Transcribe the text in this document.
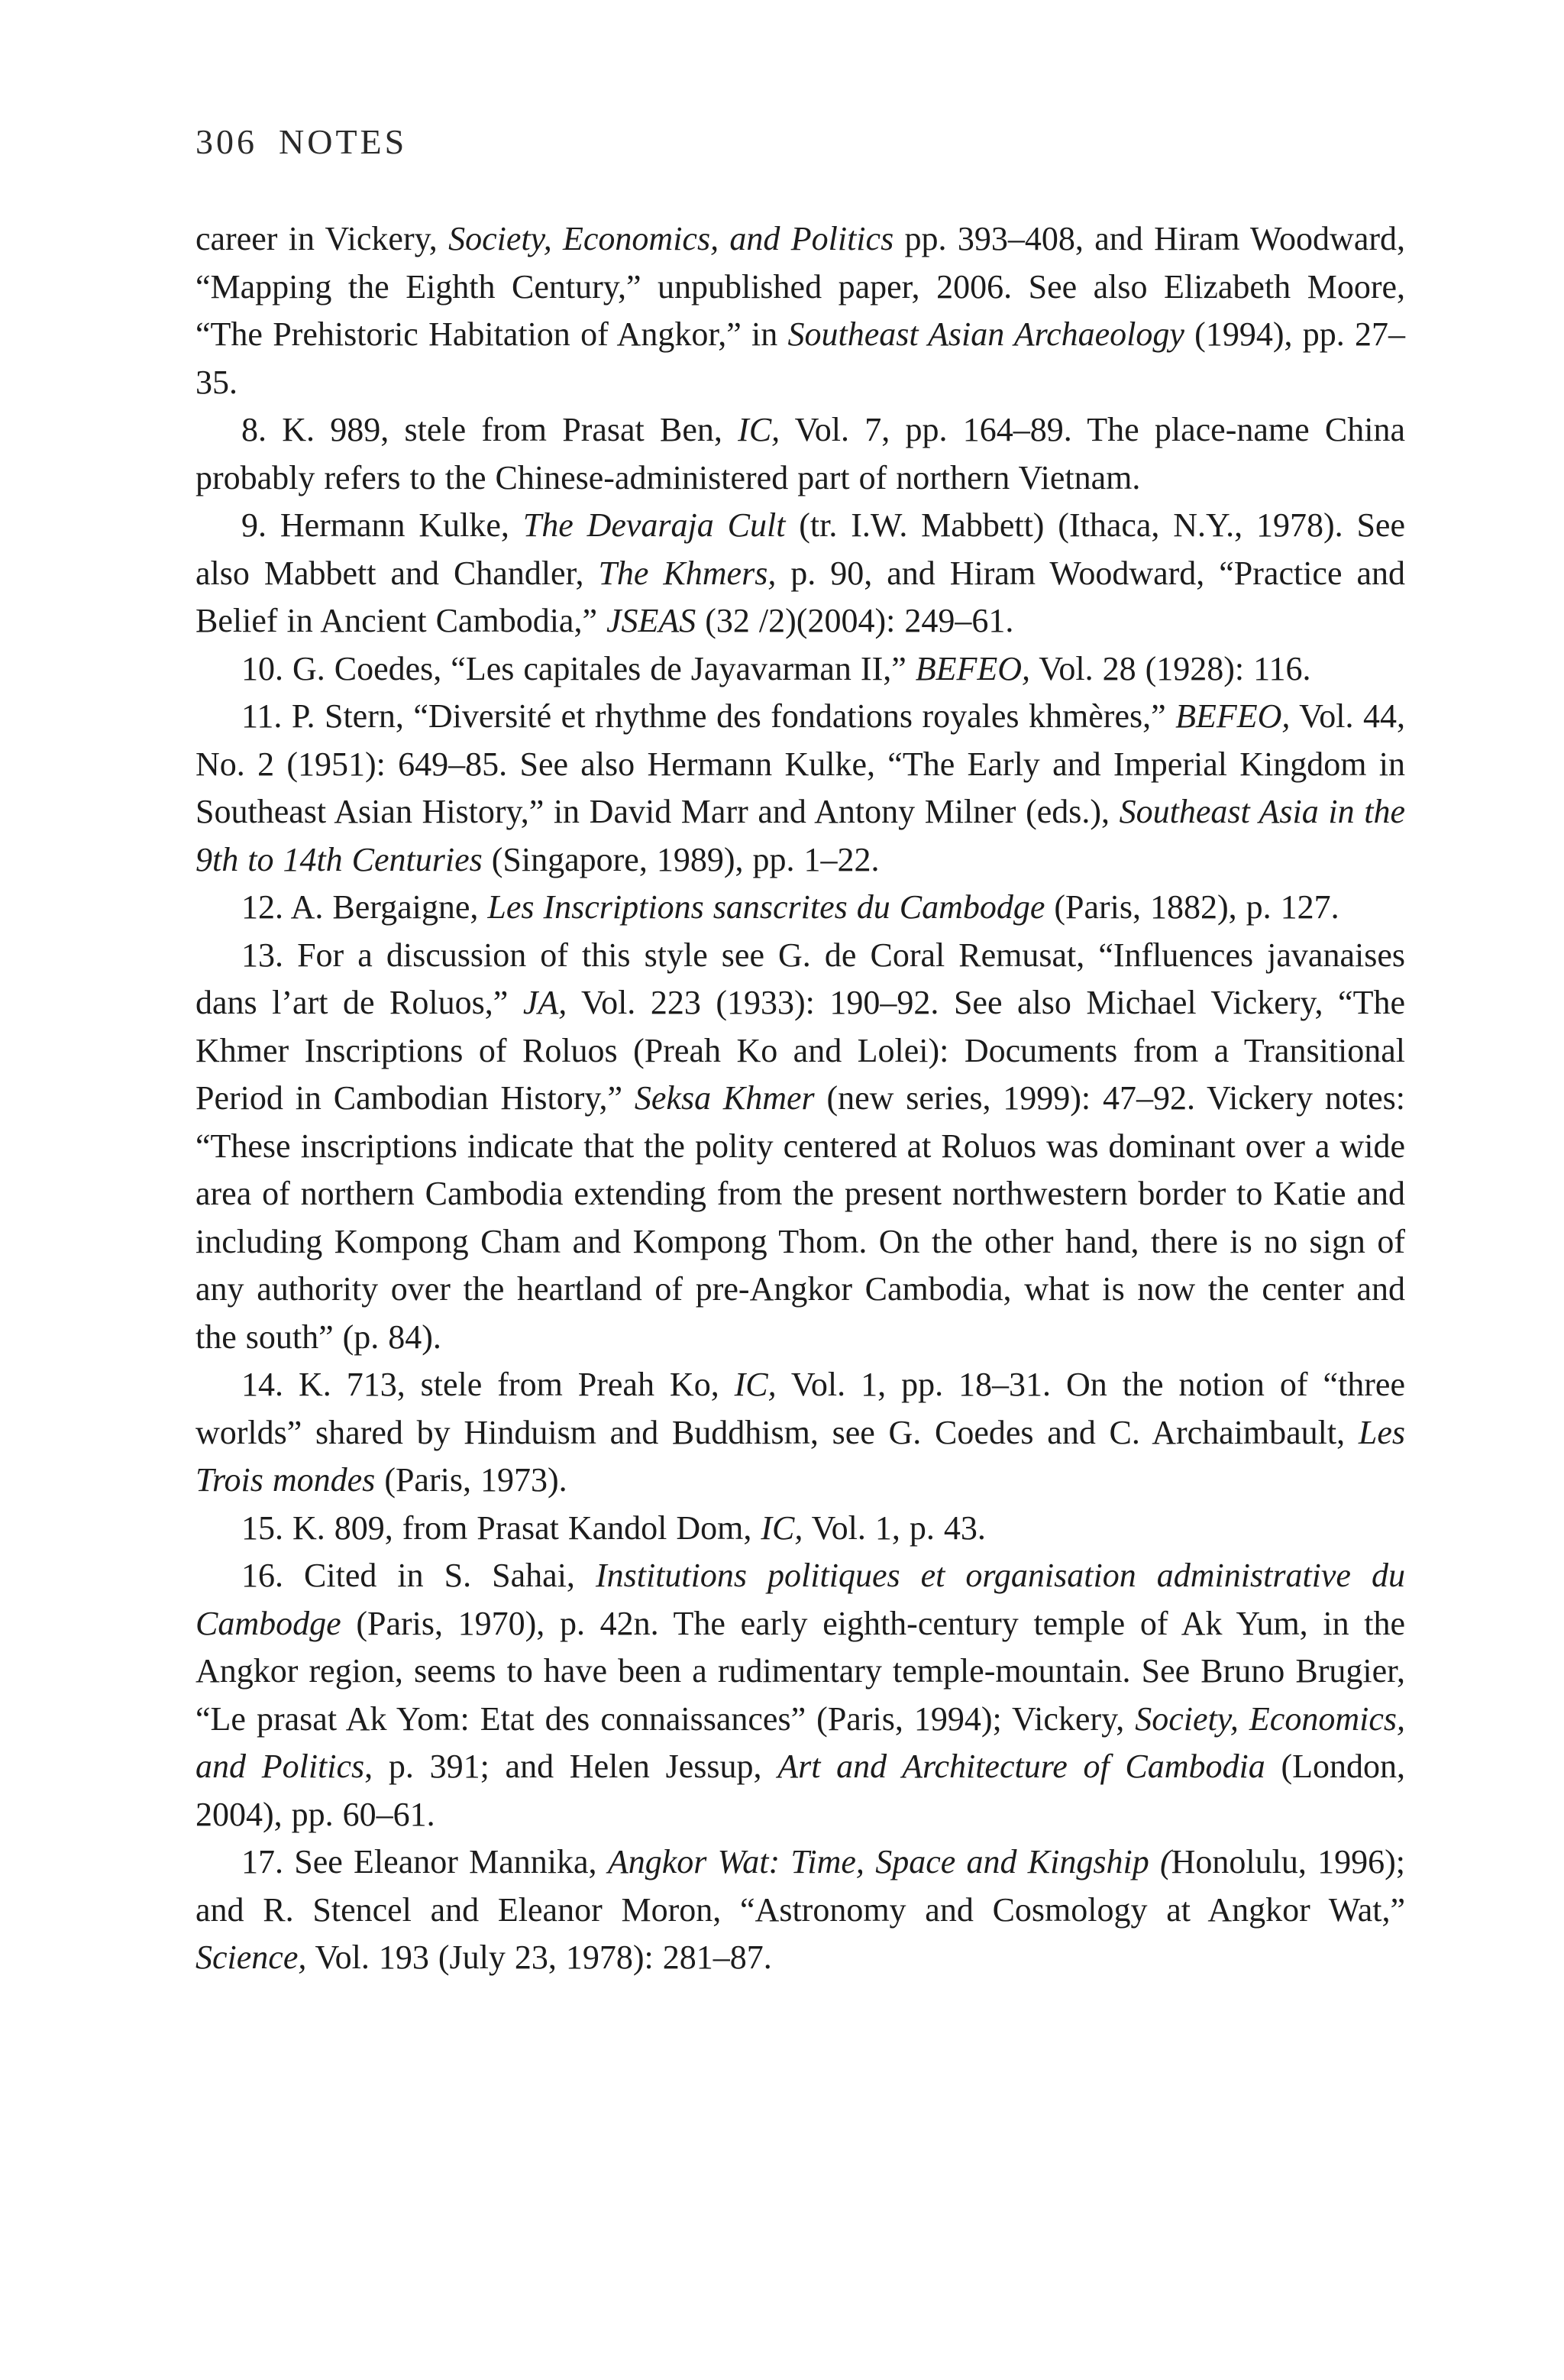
306 NOTES

career in Vickery, Society, Economics, and Politics pp. 393–408, and Hiram Woodward, “Mapping the Eighth Century,” unpublished paper, 2006. See also Elizabeth Moore, “The Prehistoric Habitation of Angkor,” in Southeast Asian Archaeology (1994), pp. 27–35.

8. K. 989, stele from Prasat Ben, IC, Vol. 7, pp. 164–89. The place-name China probably refers to the Chinese-administered part of northern Vietnam.

9. Hermann Kulke, The Devaraja Cult (tr. I.W. Mabbett) (Ithaca, N.Y., 1978). See also Mabbett and Chandler, The Khmers, p. 90, and Hiram Woodward, “Practice and Belief in Ancient Cambodia,” JSEAS (32 /2)(2004): 249–61.

10. G. Coedes, “Les capitales de Jayavarman II,” BEFEO, Vol. 28 (1928): 116.

11. P. Stern, “Diversité et rhythme des fondations royales khmères,” BEFEO, Vol. 44, No. 2 (1951): 649–85. See also Hermann Kulke, “The Early and Imperial Kingdom in Southeast Asian History,” in David Marr and Antony Milner (eds.), Southeast Asia in the 9th to 14th Centuries (Singapore, 1989), pp. 1–22.

12. A. Bergaigne, Les Inscriptions sanscrites du Cambodge (Paris, 1882), p. 127.

13. For a discussion of this style see G. de Coral Remusat, “Influences javanaises dans l’art de Roluos,” JA, Vol. 223 (1933): 190–92. See also Michael Vickery, “The Khmer Inscriptions of Roluos (Preah Ko and Lolei): Documents from a Transitional Period in Cambodian History,” Seksa Khmer (new series, 1999): 47–92. Vickery notes: “These inscriptions indicate that the polity centered at Roluos was dominant over a wide area of northern Cambodia extending from the present northwestern border to Katie and including Kompong Cham and Kompong Thom. On the other hand, there is no sign of any authority over the heartland of pre-Angkor Cambodia, what is now the center and the south” (p. 84).

14. K. 713, stele from Preah Ko, IC, Vol. 1, pp. 18–31. On the notion of “three worlds” shared by Hinduism and Buddhism, see G. Coedes and C. Archaimbault, Les Trois mondes (Paris, 1973).

15. K. 809, from Prasat Kandol Dom, IC, Vol. 1, p. 43.

16. Cited in S. Sahai, Institutions politiques et organisation administrative du Cambodge (Paris, 1970), p. 42n. The early eighth-century temple of Ak Yum, in the Angkor region, seems to have been a rudimentary temple-mountain. See Bruno Brugier, “Le prasat Ak Yom: Etat des connaissances” (Paris, 1994); Vickery, Society, Economics, and Politics, p. 391; and Helen Jessup, Art and Architecture of Cambodia (London, 2004), pp. 60–61.

17. See Eleanor Mannika, Angkor Wat: Time, Space and Kingship (Honolulu, 1996); and R. Stencel and Eleanor Moron, “Astronomy and Cosmology at Angkor Wat,” Science, Vol. 193 (July 23, 1978): 281–87.
